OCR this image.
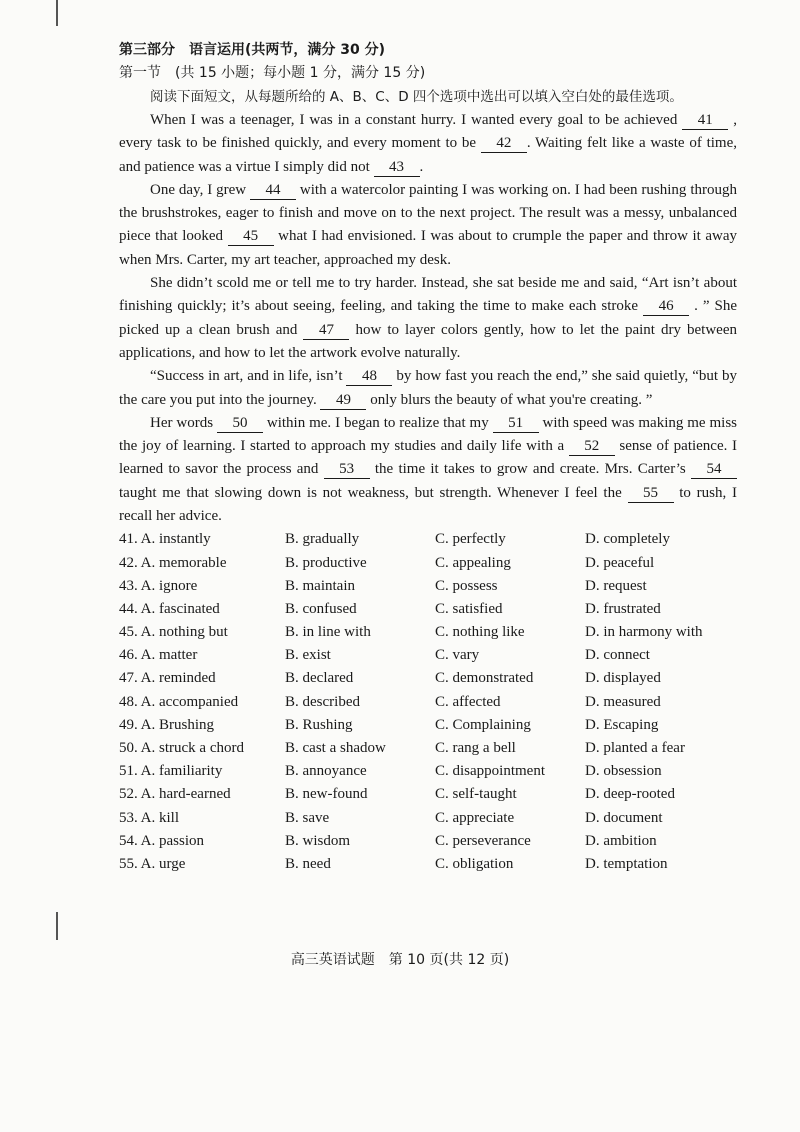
第三部分　语言运用(共两节，满分 30 分)
第一节　(共 15 小题；每小题 1 分，满分 15 分)
阅读下面短文，从每题所给的 A、B、C、D 四个选项中选出可以填入空白处的最佳选项。

When I was a teenager, I was in a constant hurry. I wanted every goal to be achieved 41 , every task to be finished quickly, and every moment to be 42 . Waiting felt like a waste of time, and patience was a virtue I simply did not 43 .

One day, I grew 44 with a watercolor painting I was working on. I had been rushing through the brushstrokes, eager to finish and move on to the next project. The result was a messy, unbalanced piece that looked 45 what I had envisioned. I was about to crumple the paper and throw it away when Mrs. Carter, my art teacher, approached my desk.

She didn’t scold me or tell me to try harder. Instead, she sat beside me and said, “Art isn’t about finishing quickly; it’s about seeing, feeling, and taking the time to make each stroke 46 . ” She picked up a clean brush and 47 how to layer colors gently, how to let the paint dry between applications, and how to let the artwork evolve naturally.

“Success in art, and in life, isn’t 48 by how fast you reach the end,” she said quietly, “but by the care you put into the journey. 49 only blurs the beauty of what you're creating. ”

Her words 50 within me. I began to realize that my 51 with speed was making me miss the joy of learning. I started to approach my studies and daily life with a 52 sense of patience. I learned to savor the process and 53 the time it takes to grow and create. Mrs. Carter’s 54 taught me that slowing down is not weakness, but strength. Whenever I feel the 55 to rush, I recall her advice.

41. A. instantly	B. gradually	C. perfectly	D. completely
42. A. memorable	B. productive	C. appealing	D. peaceful
43. A. ignore	B. maintain	C. possess	D. request
44. A. fascinated	B. confused	C. satisfied	D. frustrated
45. A. nothing but	B. in line with	C. nothing like	D. in harmony with
46. A. matter	B. exist	C. vary	D. connect
47. A. reminded	B. declared	C. demonstrated	D. displayed
48. A. accompanied	B. described	C. affected	D. measured
49. A. Brushing	B. Rushing	C. Complaining	D. Escaping
50. A. struck a chord	B. cast a shadow	C. rang a bell	D. planted a fear
51. A. familiarity	B. annoyance	C. disappointment	D. obsession
52. A. hard-earned	B. new-found	C. self-taught	D. deep-rooted
53. A. kill	B. save	C. appreciate	D. document
54. A. passion	B. wisdom	C. perseverance	D. ambition
55. A. urge	B. need	C. obligation	D. temptation
高三英语试题　第 10 页(共 12 页)
